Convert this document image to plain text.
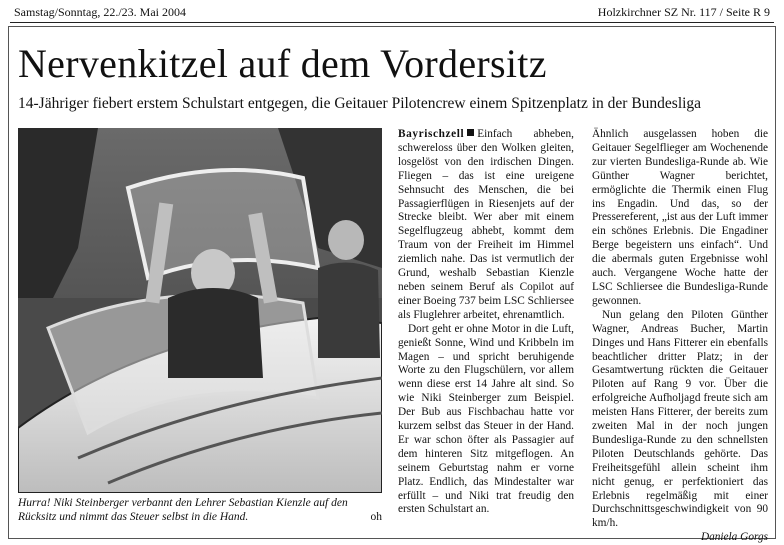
Samstag/Sonntag, 22./23. Mai 2004	Holzkirchner SZ Nr. 117 / Seite R 9
Nervenkitzel auf dem Vordersitz
14-Jähriger fiebert erstem Schulstart entgegen, die Geitauer Pilotencrew einem Spitzenplatz in der Bundesliga
Hurra! Niki Steinberger verbannt den Lehrer Sebastian Kienzle auf den Rücksitz und nimmt das Steuer selbst in die Hand.	oh

Bayrischzell Einfach abheben, schwereloss über den Wolken gleiten, losgelöst von den irdischen Dingen. Fliegen – das ist eine ureigene Sehnsucht des Menschen, die bei Passagierflügen in Riesenjets auf der Strecke bleibt. Wer aber mit einem Segelflugzeug abhebt, kommt dem Traum von der Freiheit im Himmel ziemlich nahe. Das ist vermutlich der Grund, weshalb Sebastian Kienzle neben seinem Beruf als Copilot auf einer Boeing 737 beim LSC Schliersee als Fluglehrer arbeitet, ehrenamtlich.

Dort geht er ohne Motor in die Luft, genießt Sonne, Wind und Kribbeln im Magen – und spricht beruhigende Worte zu den Flugschülern, vor allem wenn diese erst 14 Jahre alt sind. So wie Niki Steinberger zum Beispiel. Der Bub aus Fischbachau hatte vor kurzem selbst das Steuer in der Hand. Er war schon öfter als Passagier auf dem hinteren Sitz mitgeflogen. An seinem Geburtstag nahm er vorne Platz. Endlich, das Mindestalter war erfüllt – und Niki trat freudig den ersten Schulstart an.

Ähnlich ausgelassen hoben die Geitauer Segelflieger am Wochenende zur vierten Bundesliga-Runde ab. Wie Günther Wagner berichtet, ermöglichte die Thermik einen Flug ins Engadin. Und das, so der Pressereferent, „ist aus der Luft immer ein schönes Erlebnis. Die Engadiner Berge begeistern uns einfach“. Und die abermals guten Ergebnisse wohl auch. Vergangene Woche hatte der LSC Schliersee die Bundesliga-Runde gewonnen.

Nun gelang den Piloten Günther Wagner, Andreas Bucher, Martin Dinges und Hans Fitterer ein ebenfalls beachtlicher dritter Platz; in der Gesamtwertung rückten die Geitauer Piloten auf Rang 9 vor. Über die erfolgreiche Aufholjagd freute sich am meisten Hans Fitterer, der bereits zum zweiten Mal in der noch jungen Bundesliga-Runde zu den schnellsten Piloten Deutschlands gehörte. Das Freiheitsgefühl allein scheint ihm nicht genug, er perfektioniert das Erlebnis regelmäßig mit einer Durchschnittsgeschwindigkeit von 90 km/h.

Daniela Gorgs
